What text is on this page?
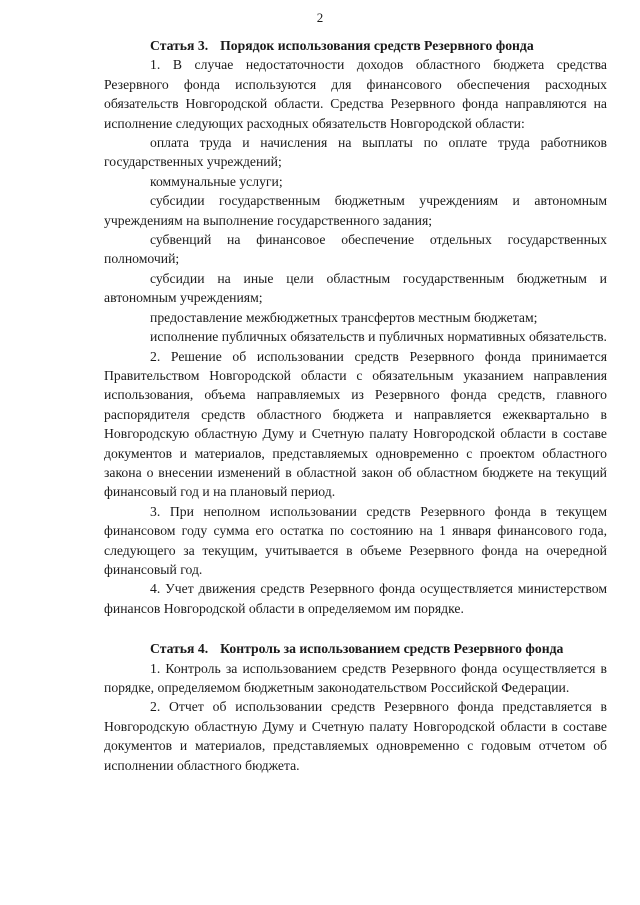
2

Статья 3. Порядок использования средств Резервного фонда

1. В случае недостаточности доходов областного бюджета средства Резервного фонда используются для финансового обеспечения расходных обязательств Новгородской области. Средства Резервного фонда направляются на исполнение следующих расходных обязательств Новгородской области:

оплата труда и начисления на выплаты по оплате труда работников государственных учреждений;

коммунальные услуги;

субсидии государственным бюджетным учреждениям и автономным учреждениям на выполнение государственного задания;

субвенций на финансовое обеспечение отдельных государственных полномочий;

субсидии на иные цели областным государственным бюджетным и автономным учреждениям;

предоставление межбюджетных трансфертов местным бюджетам;

исполнение публичных обязательств и публичных нормативных обязательств.

2. Решение об использовании средств Резервного фонда принимается Правительством Новгородской области с обязательным указанием направления использования, объема направляемых из Резервного фонда средств, главного распорядителя средств областного бюджета и направляется ежеквартально в Новгородскую областную Думу и Счетную палату Новгородской области в составе документов и материалов, представляемых одновременно с проектом областного закона о внесении изменений в областной закон об областном бюджете на текущий финансовый год и на плановый период.

3. При неполном использовании средств Резервного фонда в текущем финансовом году сумма его остатка по состоянию на 1 января финансового года, следующего за текущим, учитывается в объеме Резервного фонда на очередной финансовый год.

4. Учет движения средств Резервного фонда осуществляется министерством финансов Новгородской области в определяемом им порядке.

Статья 4. Контроль за использованием средств Резервного фонда

1. Контроль за использованием средств Резервного фонда осуществляется в порядке, определяемом бюджетным законодательством Российской Федерации.

2. Отчет об использовании средств Резервного фонда представляется в Новгородскую областную Думу и Счетную палату Новгородской области в составе документов и материалов, представляемых одновременно с годовым отчетом об исполнении областного бюджета.
